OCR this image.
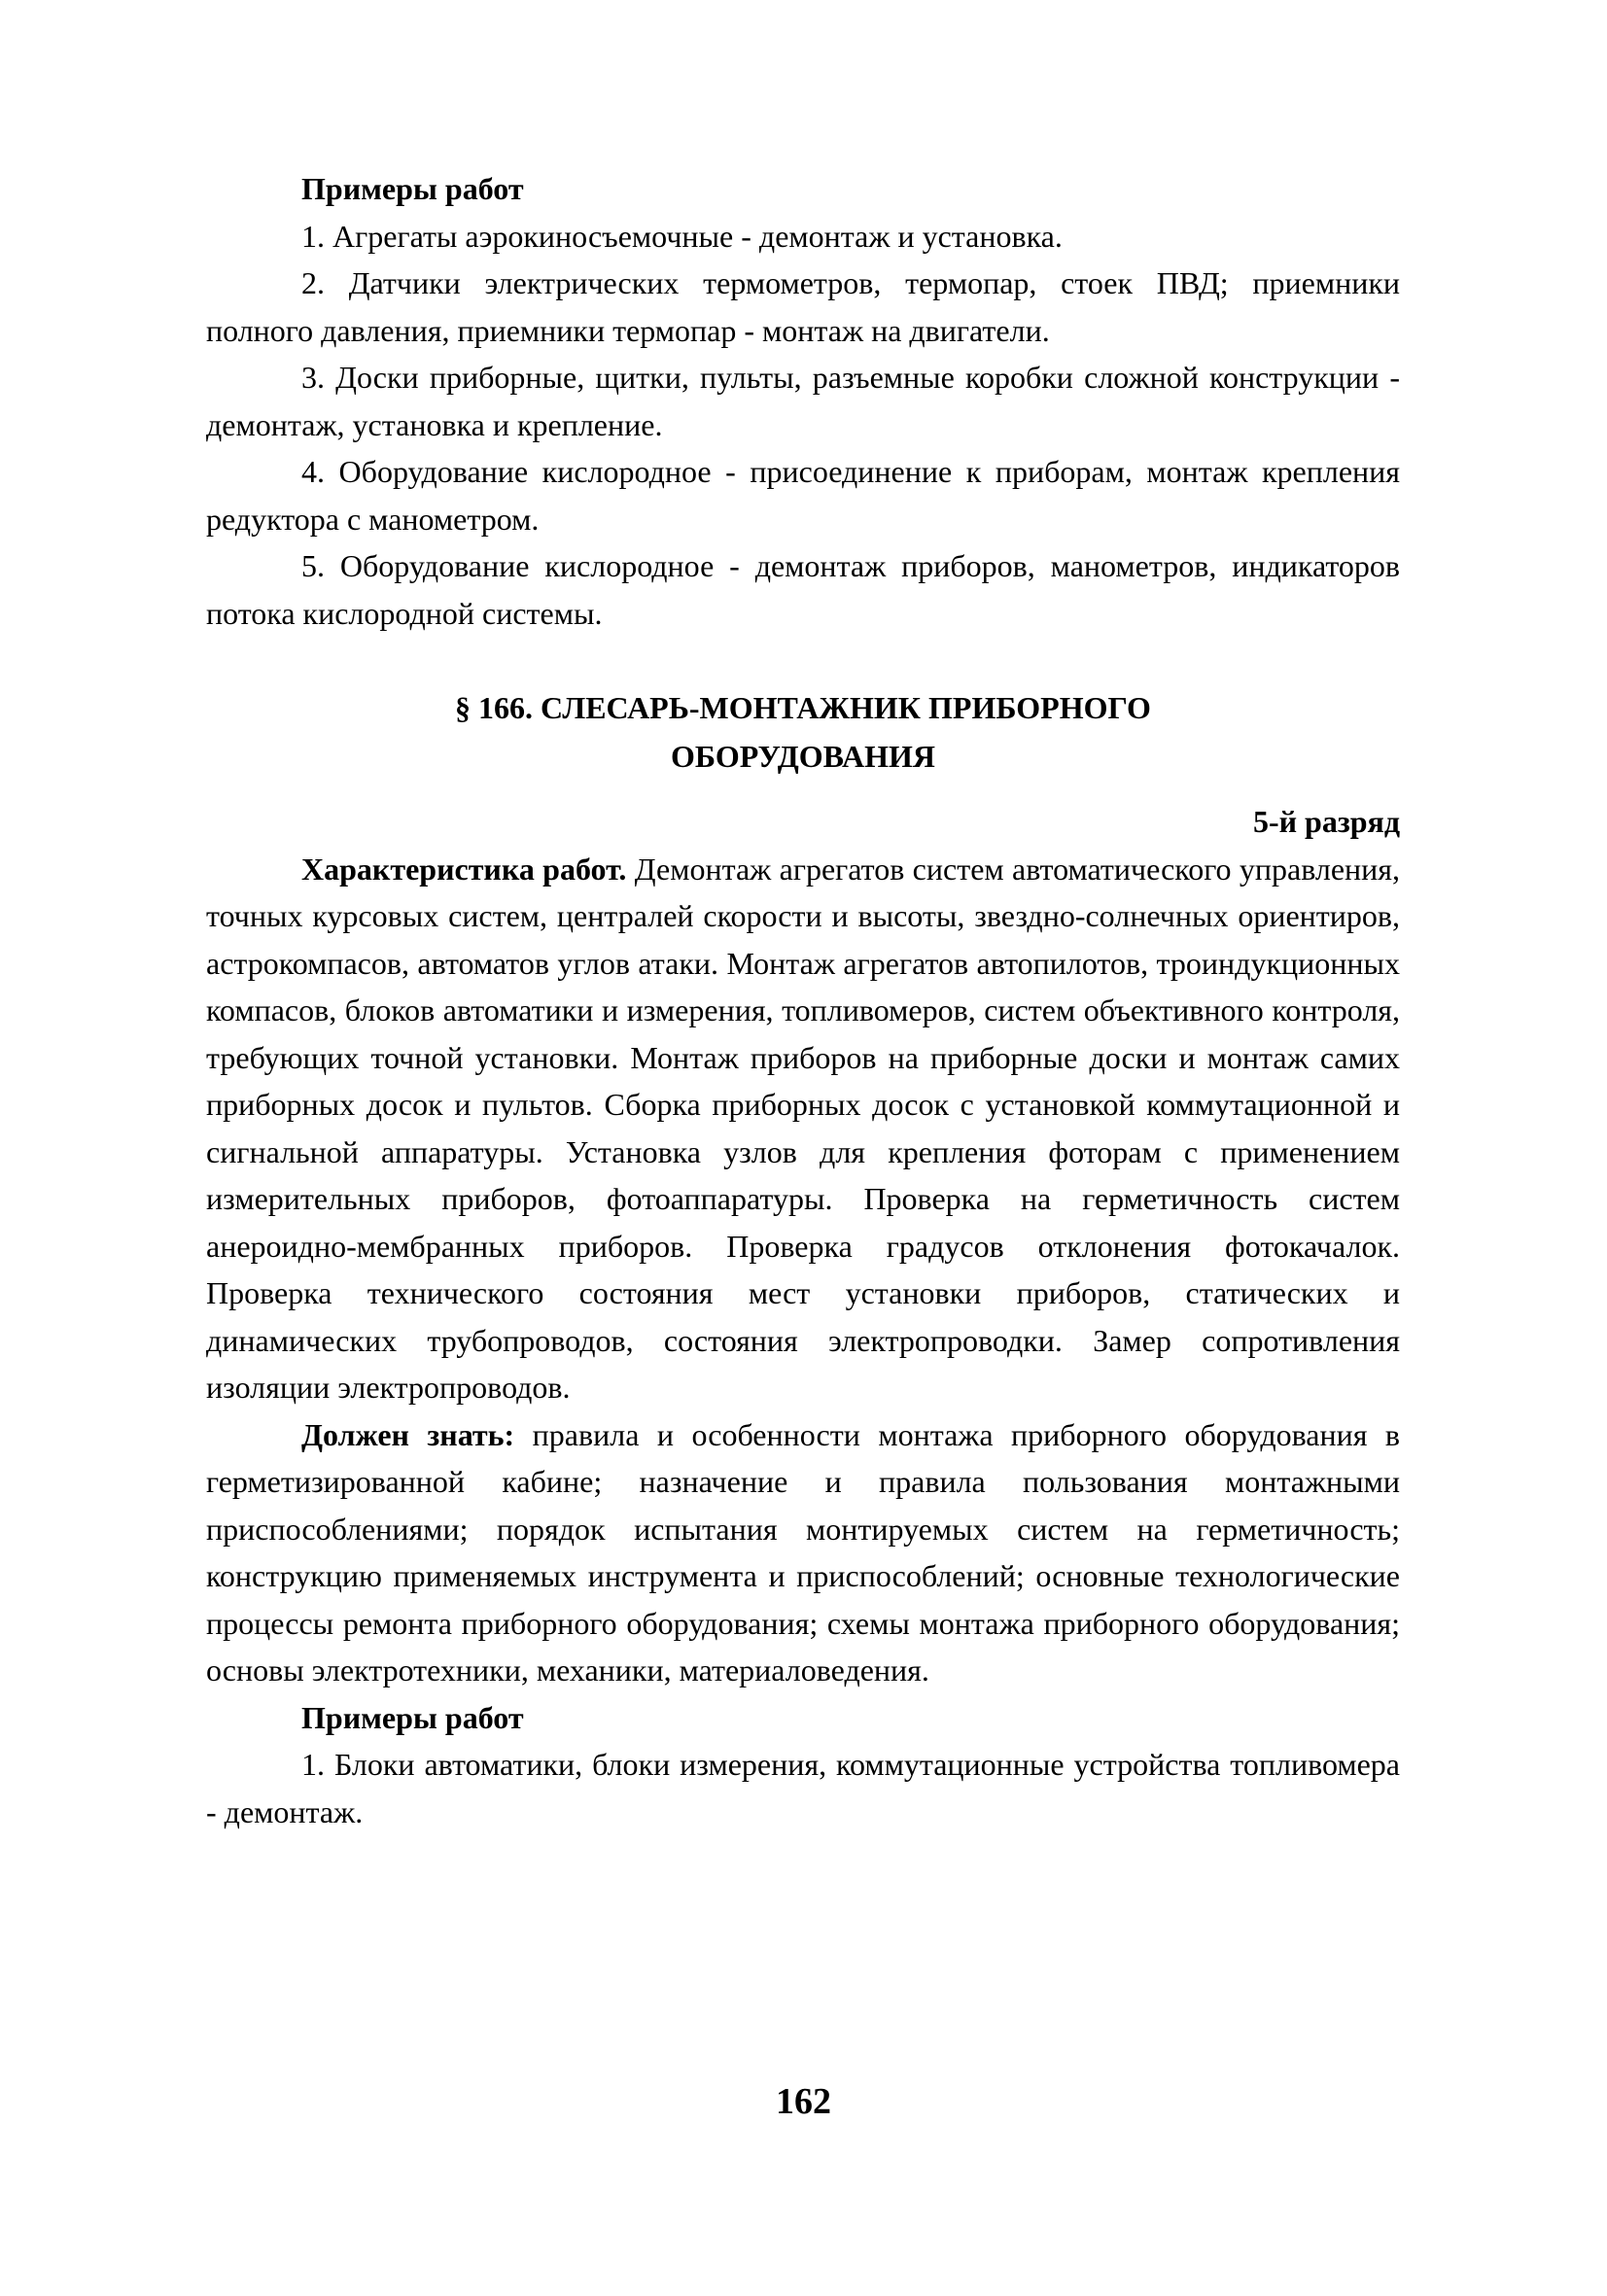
Примеры работ

1. Агрегаты аэрокиносъемочные - демонтаж и установка.

2. Датчики электрических термометров, термопар, стоек ПВД; приемники полного давления, приемники термопар - монтаж на двигатели.

3. Доски приборные, щитки, пульты, разъемные коробки сложной конструкции - демонтаж, установка и крепление.

4. Оборудование кислородное - присоединение к приборам, монтаж крепления редуктора с манометром.

5. Оборудование кислородное - демонтаж приборов, манометров, индикаторов потока кислородной системы.

§ 166. СЛЕСАРЬ-МОНТАЖНИК ПРИБОРНОГО
ОБОРУДОВАНИЯ

5-й разряд

Характеристика работ. Демонтаж агрегатов систем автоматического управления, точных курсовых систем, централей скорости и высоты, звездно-солнечных ориентиров, астрокомпасов, автоматов углов атаки. Монтаж агрегатов автопилотов, троиндукционных компасов, блоков автоматики и измерения, топливомеров, систем объективного контроля, требующих точной установки. Монтаж приборов на приборные доски и монтаж самих приборных досок и пультов. Сборка приборных досок с установкой коммутационной и сигнальной аппаратуры. Установка узлов для крепления фоторам с применением измерительных приборов, фотоаппаратуры. Проверка на герметичность систем анероидно-мембранных приборов. Проверка градусов отклонения фотокачалок. Проверка технического состояния мест установки приборов, статических и динамических трубопроводов, состояния электропроводки. Замер сопротивления изоляции электропроводов.

Должен знать: правила и особенности монтажа приборного оборудования в герметизированной кабине; назначение и правила пользования монтажными приспособлениями; порядок испытания монтируемых систем на герметичность; конструкцию применяемых инструмента и приспособлений; основные технологические процессы ремонта приборного оборудования; схемы монтажа приборного оборудования; основы электротехники, механики, материаловедения.

Примеры работ

1. Блоки автоматики, блоки измерения, коммутационные устройства топливомера - демонтаж.

162
